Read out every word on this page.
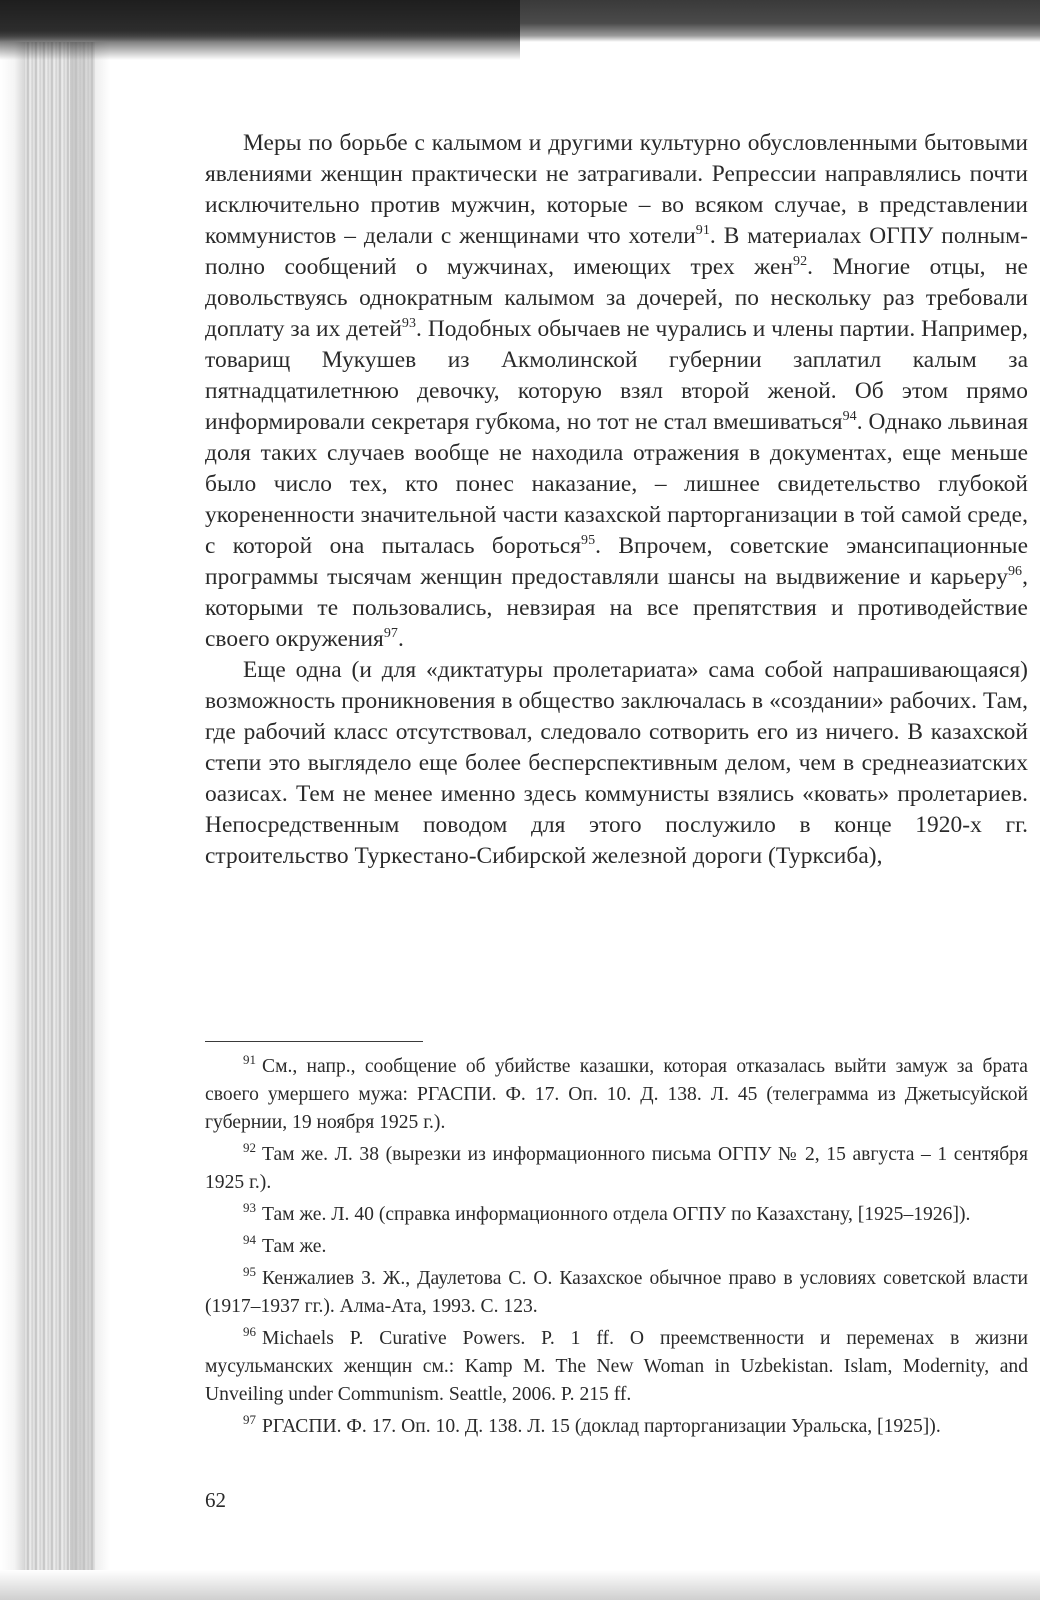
Меры по борьбе с калымом и другими культурно обусловленными бытовыми явлениями женщин практически не затрагивали. Репрессии направлялись почти исключительно против мужчин, которые – во всяком случае, в представлении коммунистов – делали с женщинами что хотели$^{91}$. В материалах ОГПУ полным-полно сообщений о мужчинах, имеющих трех жен$^{92}$. Многие отцы, не довольствуясь однократным калымом за дочерей, по нескольку раз требовали доплату за их детей$^{93}$. Подобных обычаев не чурались и члены партии. Например, товарищ Мукушев из Акмолинской губернии заплатил калым за пятнадцатилетнюю девочку, которую взял второй женой. Об этом прямо информировали секретаря губкома, но тот не стал вмешиваться$^{94}$. Однако львиная доля таких случаев вообще не находила отражения в документах, еще меньше было число тех, кто понес наказание, – лишнее свидетельство глубокой укорененности значительной части казахской парторганизации в той самой среде, с которой она пыталась бороться$^{95}$. Впрочем, советские эмансипационные программы тысячам женщин предоставляли шансы на выдвижение и карьеру$^{96}$, которыми те пользовались, невзирая на все препятствия и противодействие своего окружения$^{97}$.

Еще одна (и для «диктатуры пролетариата» сама собой напрашивающаяся) возможность проникновения в общество заключалась в «создании» рабочих. Там, где рабочий класс отсутствовал, следовало сотворить его из ничего. В казахской степи это выглядело еще более бесперспективным делом, чем в среднеазиатских оазисах. Тем не менее именно здесь коммунисты взялись «ковать» пролетариев. Непосредственным поводом для этого послужило в конце 1920-х гг. строительство Туркестано-Сибирской железной дороги (Турксиба),

$^{91}$ См., напр., сообщение об убийстве казашки, которая отказалась выйти замуж за брата своего умершего мужа: РГАСПИ. Ф. 17. Оп. 10. Д. 138. Л. 45 (телеграмма из Джетысуйской губернии, 19 ноября 1925 г.).

$^{92}$ Там же. Л. 38 (вырезки из информационного письма ОГПУ № 2, 15 августа – 1 сентября 1925 г.).

$^{93}$ Там же. Л. 40 (справка информационного отдела ОГПУ по Казахстану, [1925–1926]).

$^{94}$ Там же.

$^{95}$ Кенжалиев З. Ж., Даулетова С. О. Казахское обычное право в условиях советской власти (1917–1937 гг.). Алма-Ата, 1993. С. 123.

$^{96}$ Michaels P. Curative Powers. P. 1 ff. О преемственности и переменах в жизни мусульманских женщин см.: Kamp M. The New Woman in Uzbekistan. Islam, Modernity, and Unveiling under Communism. Seattle, 2006. P. 215 ff.

$^{97}$ РГАСПИ. Ф. 17. Оп. 10. Д. 138. Л. 15 (доклад парторганизации Уральска, [1925]).

62
